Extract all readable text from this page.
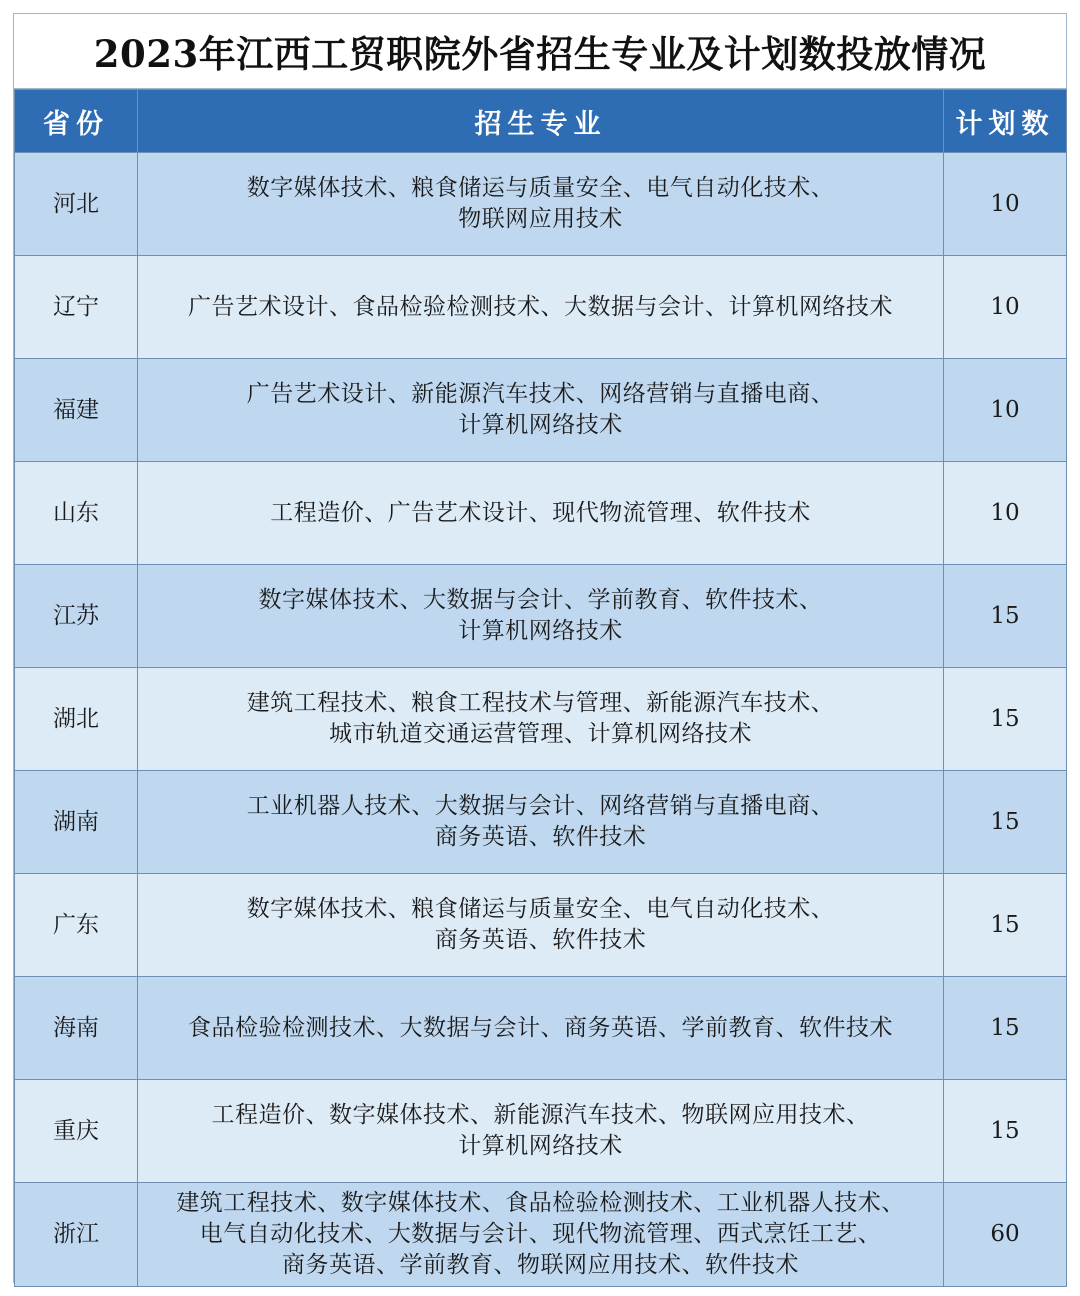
2023年江西工贸职院外省招生专业及计划数投放情况
省份	招生专业	计划数
河北	数字媒体技术、粮食储运与质量安全、电气自动化技术、
物联网应用技术	10
辽宁	广告艺术设计、食品检验检测技术、大数据与会计、计算机网络技术	10
福建	广告艺术设计、新能源汽车技术、网络营销与直播电商、
计算机网络技术	10
山东	工程造价、广告艺术设计、现代物流管理、软件技术	10
江苏	数字媒体技术、大数据与会计、学前教育、软件技术、
计算机网络技术	15
湖北	建筑工程技术、粮食工程技术与管理、新能源汽车技术、
城市轨道交通运营管理、计算机网络技术	15
湖南	工业机器人技术、大数据与会计、网络营销与直播电商、
商务英语、软件技术	15
广东	数字媒体技术、粮食储运与质量安全、电气自动化技术、
商务英语、软件技术	15
海南	食品检验检测技术、大数据与会计、商务英语、学前教育、软件技术	15
重庆	工程造价、数字媒体技术、新能源汽车技术、物联网应用技术、
计算机网络技术	15
浙江	建筑工程技术、数字媒体技术、食品检验检测技术、工业机器人技术、
电气自动化技术、大数据与会计、现代物流管理、西式烹饪工艺、
商务英语、学前教育、物联网应用技术、软件技术	60
